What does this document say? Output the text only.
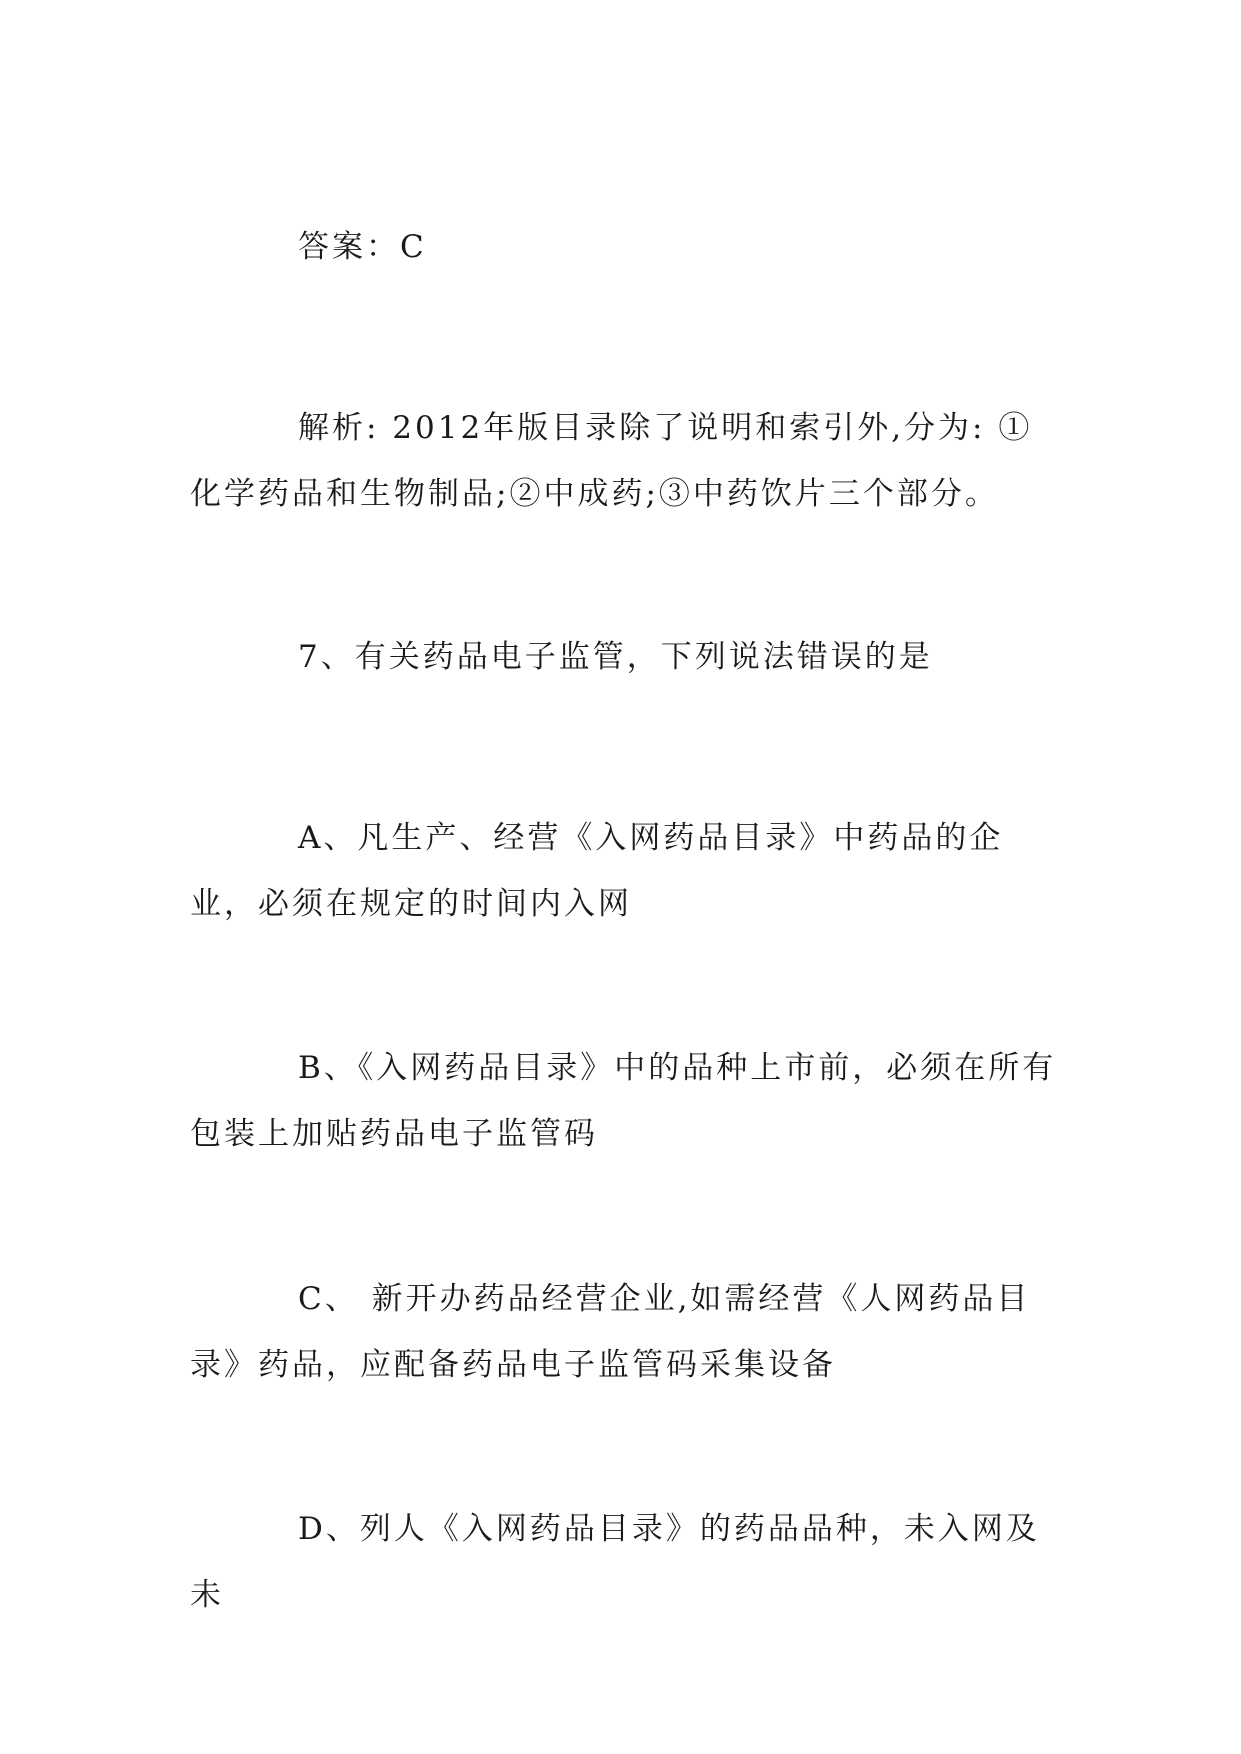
答案：C

解析: 2012年版目录除了说明和索引外,分为: ①化学药品和生物制品;②中成药;③中药饮片三个部分。

7、有关药品电子监管，下列说法错误的是

A、凡生产、经营《入网药品目录》中药品的企业，必须在规定的时间内入网

B、《入网药品目录》中的品种上市前，必须在所有包装上加贴药品电子监管码

C、 新开办药品经营企业,如需经营《人网药品目录》药品，应配备药品电子监管码采集设备

D、列人《入网药品目录》的药品品种，未入网及未
